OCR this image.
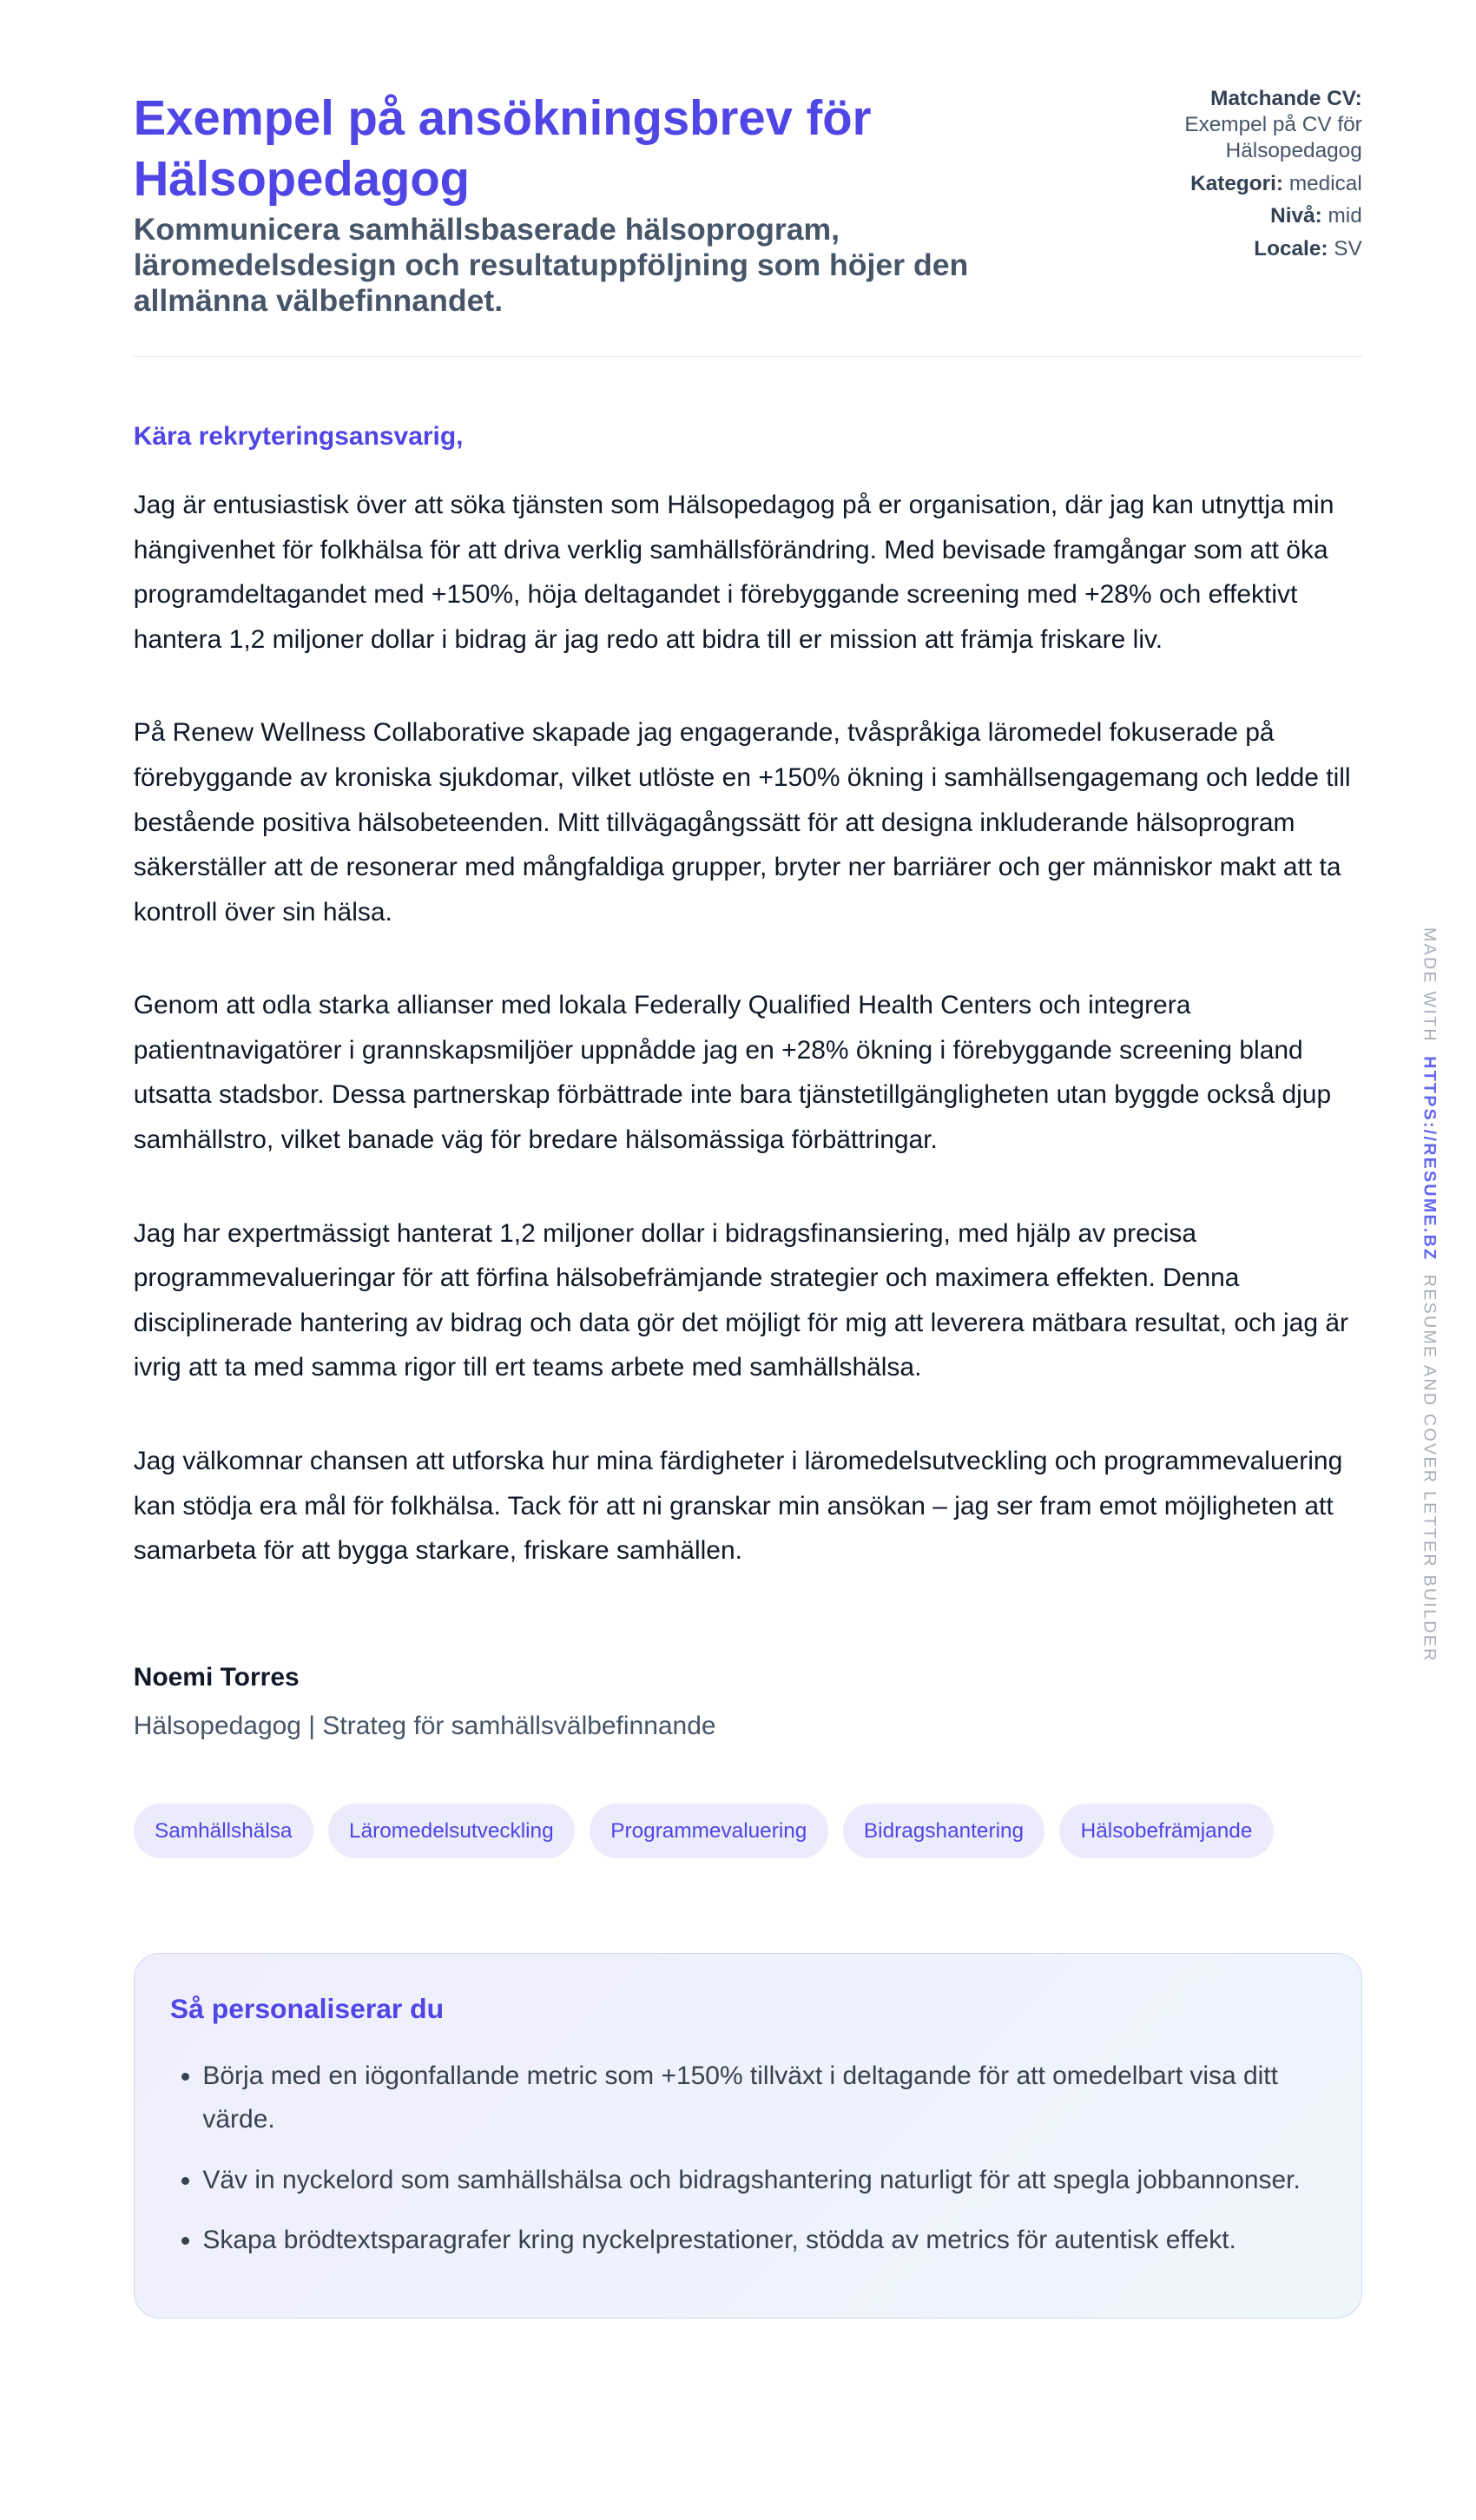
Exempel på ansökningsbrev för Hälsopedagog

Kommunicera samhällsbaserade hälsoprogram, läromedelsdesign och resultatuppföljning som höjer den allmänna välbefinnandet.

Matchande CV:
Exempel på CV för Hälsopedagog
Kategori: medical
Nivå: mid
Locale: SV
Kära rekryteringsansvarig,
Jag är entusiastisk över att söka tjänsten som Hälsopedagog på er organisation, där jag kan utnyttja min hängivenhet för folkhälsa för att driva verklig samhällsförändring. Med bevisade framgångar som att öka programdeltagandet med +150%, höja deltagandet i förebyggande screening med +28% och effektivt hantera 1,2 miljoner dollar i bidrag är jag redo att bidra till er mission att främja friskare liv.
På Renew Wellness Collaborative skapade jag engagerande, tvåspråkiga läromedel fokuserade på förebyggande av kroniska sjukdomar, vilket utlöste en +150% ökning i samhällsengagemang och ledde till bestående positiva hälsobeteenden. Mitt tillvägagångssätt för att designa inkluderande hälsoprogram säkerställer att de resonerar med mångfaldiga grupper, bryter ner barriärer och ger människor makt att ta kontroll över sin hälsa.
Genom att odla starka allianser med lokala Federally Qualified Health Centers och integrera patientnavigatörer i grannskapsmiljöer uppnådde jag en +28% ökning i förebyggande screening bland utsatta stadsbor. Dessa partnerskap förbättrade inte bara tjänstetillgängligheten utan byggde också djup samhällstro, vilket banade väg för bredare hälsomässiga förbättringar.
Jag har expertmässigt hanterat 1,2 miljoner dollar i bidragsfinansiering, med hjälp av precisa programmevalueringar för att förfina hälsobefrämjande strategier och maximera effekten. Denna disciplinerade hantering av bidrag och data gör det möjligt för mig att leverera mätbara resultat, och jag är ivrig att ta med samma rigor till ert teams arbete med samhällshälsa.
Jag välkomnar chansen att utforska hur mina färdigheter i läromedelsutveckling och programmevaluering kan stödja era mål för folkhälsa. Tack för att ni granskar min ansökan – jag ser fram emot möjligheten att samarbeta för att bygga starkare, friskare samhällen.
Noemi Torres
Hälsopedagog | Strateg för samhällsvälbefinnande
Samhällshälsa	Läromedelsutveckling	Programmevaluering	Bidragshantering	Hälsobefrämjande
Så personaliserar du
• Börja med en iögonfallande metric som +150% tillväxt i deltagande för att omedelbart visa ditt värde.
• Väv in nyckelord som samhällshälsa och bidragshantering naturligt för att spegla jobbannonser.
• Skapa brödtextsparagrafer kring nyckelprestationer, stödda av metrics för autentisk effekt.
MADE WITH  HTTPS://RESUME.BZ  RESUME AND COVER LETTER BUILDER
